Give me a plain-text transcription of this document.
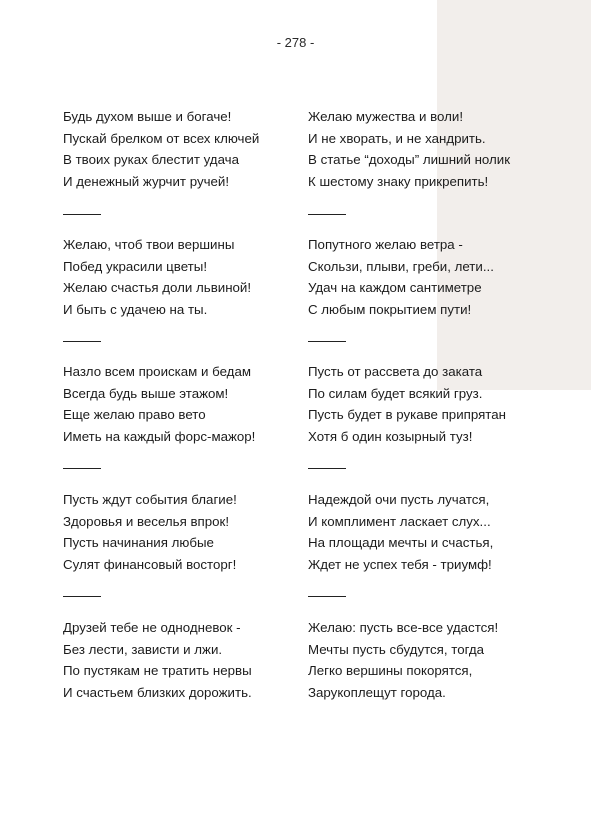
- 278 -
Будь духом выше и богаче!
Пускай брелком от всех ключей
В твоих руках блестит удача
И денежный журчит ручей!
Желаю, чтоб твои вершины
Побед украсили цветы!
Желаю счастья доли львиной!
И быть с удачею на ты.
Назло всем проискам и бедам
Всегда будь выше этажом!
Еще желаю право вето
Иметь на каждый форс-мажор!
Пусть ждут события благие!
Здоровья и веселья впрок!
Пусть начинания любые
Сулят финансовый восторг!
Друзей тебе не однодневок -
Без лести, зависти и лжи.
По пустякам не тратить нервы
И счастьем близких дорожить.
Желаю мужества и воли!
И не хворать, и не хандрить.
В статье “доходы” лишний нолик
К шестому знаку прикрепить!
Попутного желаю ветра -
Скользи, плыви, греби, лети...
Удач на каждом сантиметре
С любым покрытием пути!
Пусть от рассвета до заката
По силам будет всякий груз.
Пусть будет в рукаве припрятан
Хотя б один козырный туз!
Надеждой очи пусть лучатся,
И комплимент ласкает слух...
На площади мечты и счастья,
Ждет не успех тебя - триумф!
Желаю: пусть все-все удастся!
Мечты пусть сбудутся, тогда
Легко вершины покорятся,
Зарукоплещут города.
